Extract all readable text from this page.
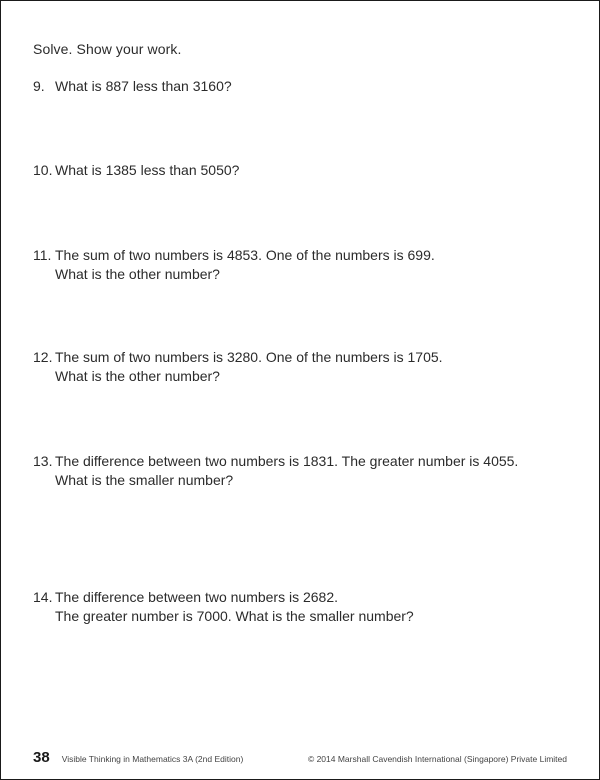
Solve. Show your work.
9. What is 887 less than 3160?
10. What is 1385 less than 5050?
11. The sum of two numbers is 4853. One of the numbers is 699.
What is the other number?
12. The sum of two numbers is 3280. One of the numbers is 1705.
What is the other number?
13. The difference between two numbers is 1831. The greater number is 4055.
What is the smaller number?
14. The difference between two numbers is 2682.
The greater number is 7000. What is the smaller number?
38 Visible Thinking in Mathematics 3A (2nd Edition)	© 2014 Marshall Cavendish International (Singapore) Private Limited
